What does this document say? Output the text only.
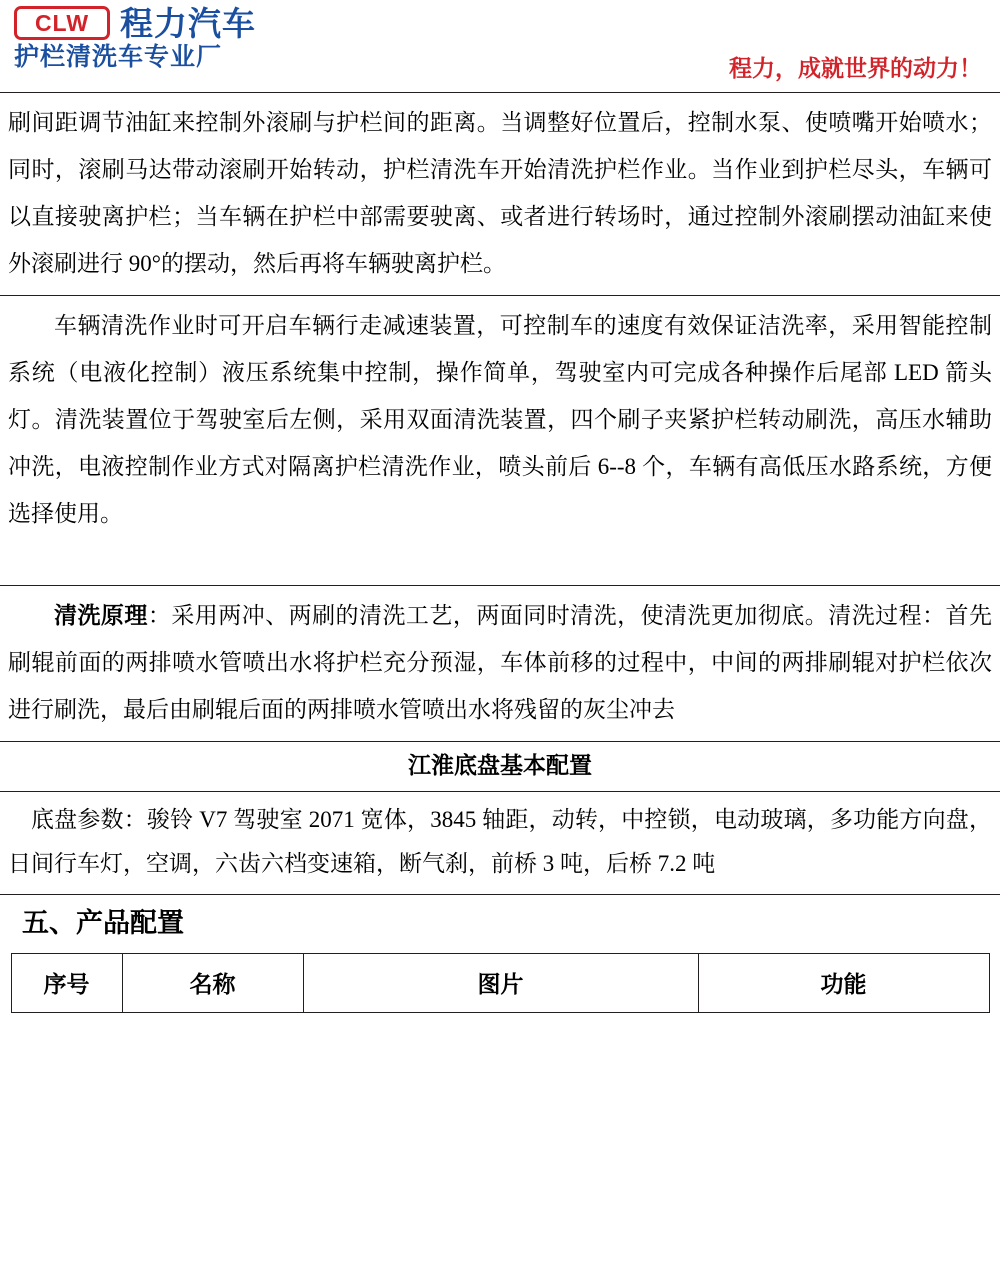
CLW 程力汽车
护栏清洗车专业厂	程力，成就世界的动力！

刷间距调节油缸来控制外滚刷与护栏间的距离。当调整好位置后，控制水泵、使喷嘴开始喷水；同时，滚刷马达带动滚刷开始转动，护栏清洗车开始清洗护栏作业。当作业到护栏尽头，车辆可以直接驶离护栏；当车辆在护栏中部需要驶离、或者进行转场时，通过控制外滚刷摆动油缸来使外滚刷进行 90°的摆动，然后再将车辆驶离护栏。

车辆清洗作业时可开启车辆行走减速装置，可控制车的速度有效保证洁洗率，采用智能控制系统（电液化控制）液压系统集中控制，操作简单，驾驶室内可完成各种操作后尾部 LED 箭头灯。清洗装置位于驾驶室后左侧，采用双面清洗装置，四个刷子夹紧护栏转动刷洗，高压水辅助冲洗，电液控制作业方式对隔离护栏清洗作业，喷头前后 6--8 个，车辆有高低压水路系统，方便选择使用。

清洗原理：采用两冲、两刷的清洗工艺，两面同时清洗，使清洗更加彻底。清洗过程：首先刷辊前面的两排喷水管喷出水将护栏充分预湿，车体前移的过程中，中间的两排刷辊对护栏依次进行刷洗，最后由刷辊后面的两排喷水管喷出水将残留的灰尘冲去

江淮底盘基本配置

底盘参数：骏铃 V7 驾驶室 2071 宽体，3845 轴距，动转，中控锁，电动玻璃，多功能方向盘，日间行车灯，空调，六齿六档变速箱，断气刹，前桥 3 吨，后桥 7.2 吨

五、产品配置
序号	名称	图片	功能
